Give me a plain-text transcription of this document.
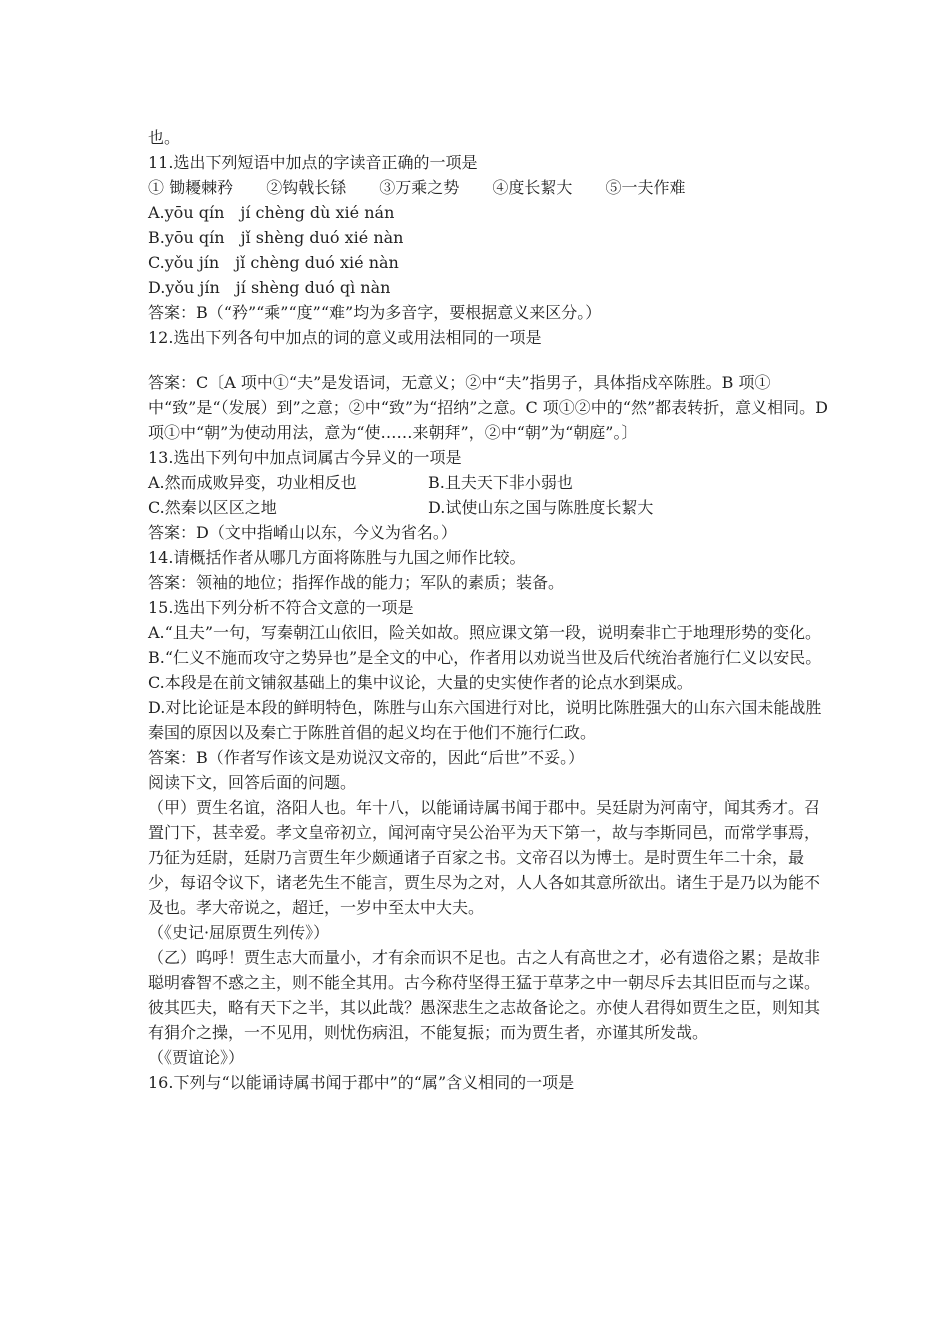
也。
11.选出下列短语中加点的字读音正确的一项是
① 锄耰棘矜 ②钩戟长铩 ③万乘之势 ④度长絜大 ⑤一夫作难
A.yōu qín　jí chèng dù xié nán
B.yōu qín　jǐ shèng duó xié nàn
C.yǒu jín　jǐ chèng duó xié nàn
D.yǒu jín　jí shèng duó qì nàn
答案：B（“矜”“乘”“度”“难”均为多音字，要根据意义来区分。）
12.选出下列各句中加点的词的意义或用法相同的一项是
答案：C〔A 项中①“夫”是发语词，无意义；②中“夫”指男子，具体指戍卒陈胜。B 项①中“致”是“（发展）到”之意；②中“致”为“招纳”之意。C 项①②中的“然”都表转折，意义相同。D 项①中“朝”为使动用法，意为“使……来朝拜”，②中“朝”为“朝庭”。〕
13.选出下列句中加点词属古今异义的一项是
A.然而成败异变，功业相反也	B.且夫天下非小弱也
C.然秦以区区之地	D.试使山东之国与陈胜度长絜大
答案：D（文中指崤山以东，今义为省名。）
14.请概括作者从哪几方面将陈胜与九国之师作比较。
答案：领袖的地位；指挥作战的能力；军队的素质；装备。
15.选出下列分析不符合文意的一项是
A.“且夫”一句，写秦朝江山依旧，险关如故。照应课文第一段，说明秦非亡于地理形势的变化。
B.“仁义不施而攻守之势异也”是全文的中心，作者用以劝说当世及后代统治者施行仁义以安民。
C.本段是在前文铺叙基础上的集中议论，大量的史实使作者的论点水到渠成。
D.对比论证是本段的鲜明特色，陈胜与山东六国进行对比，说明比陈胜强大的山东六国未能战胜秦国的原因以及秦亡于陈胜首倡的起义均在于他们不施行仁政。
答案：B（作者写作该文是劝说汉文帝的，因此“后世”不妥。）
阅读下文，回答后面的问题。
（甲）贾生名谊，洛阳人也。年十八，以能诵诗属书闻于郡中。吴廷尉为河南守，闻其秀才。召置门下，甚幸爱。孝文皇帝初立，闻河南守吴公治平为天下第一，故与李斯同邑，而常学事焉，乃征为廷尉，廷尉乃言贾生年少颇通诸子百家之书。文帝召以为博士。是时贾生年二十余，最少，每诏令议下，诸老先生不能言，贾生尽为之对，人人各如其意所欲出。诸生于是乃以为能不及也。孝大帝说之，超迁，一岁中至太中大夫。
（《史记·屈原贾生列传》）
（乙）呜呼！贾生志大而量小，才有余而识不足也。古之人有高世之才，必有遗俗之累；是故非聪明睿智不惑之主，则不能全其用。古今称苻坚得王猛于草茅之中一朝尽斥去其旧臣而与之谋。彼其匹夫，略有天下之半，其以此哉？愚深悲生之志故备论之。亦使人君得如贾生之臣，则知其有狷介之操，一不见用，则忧伤病沮，不能复振；而为贾生者，亦谨其所发哉。
（《贾谊论》）
16.下列与“以能诵诗属书闻于郡中”的“属”含义相同的一项是
